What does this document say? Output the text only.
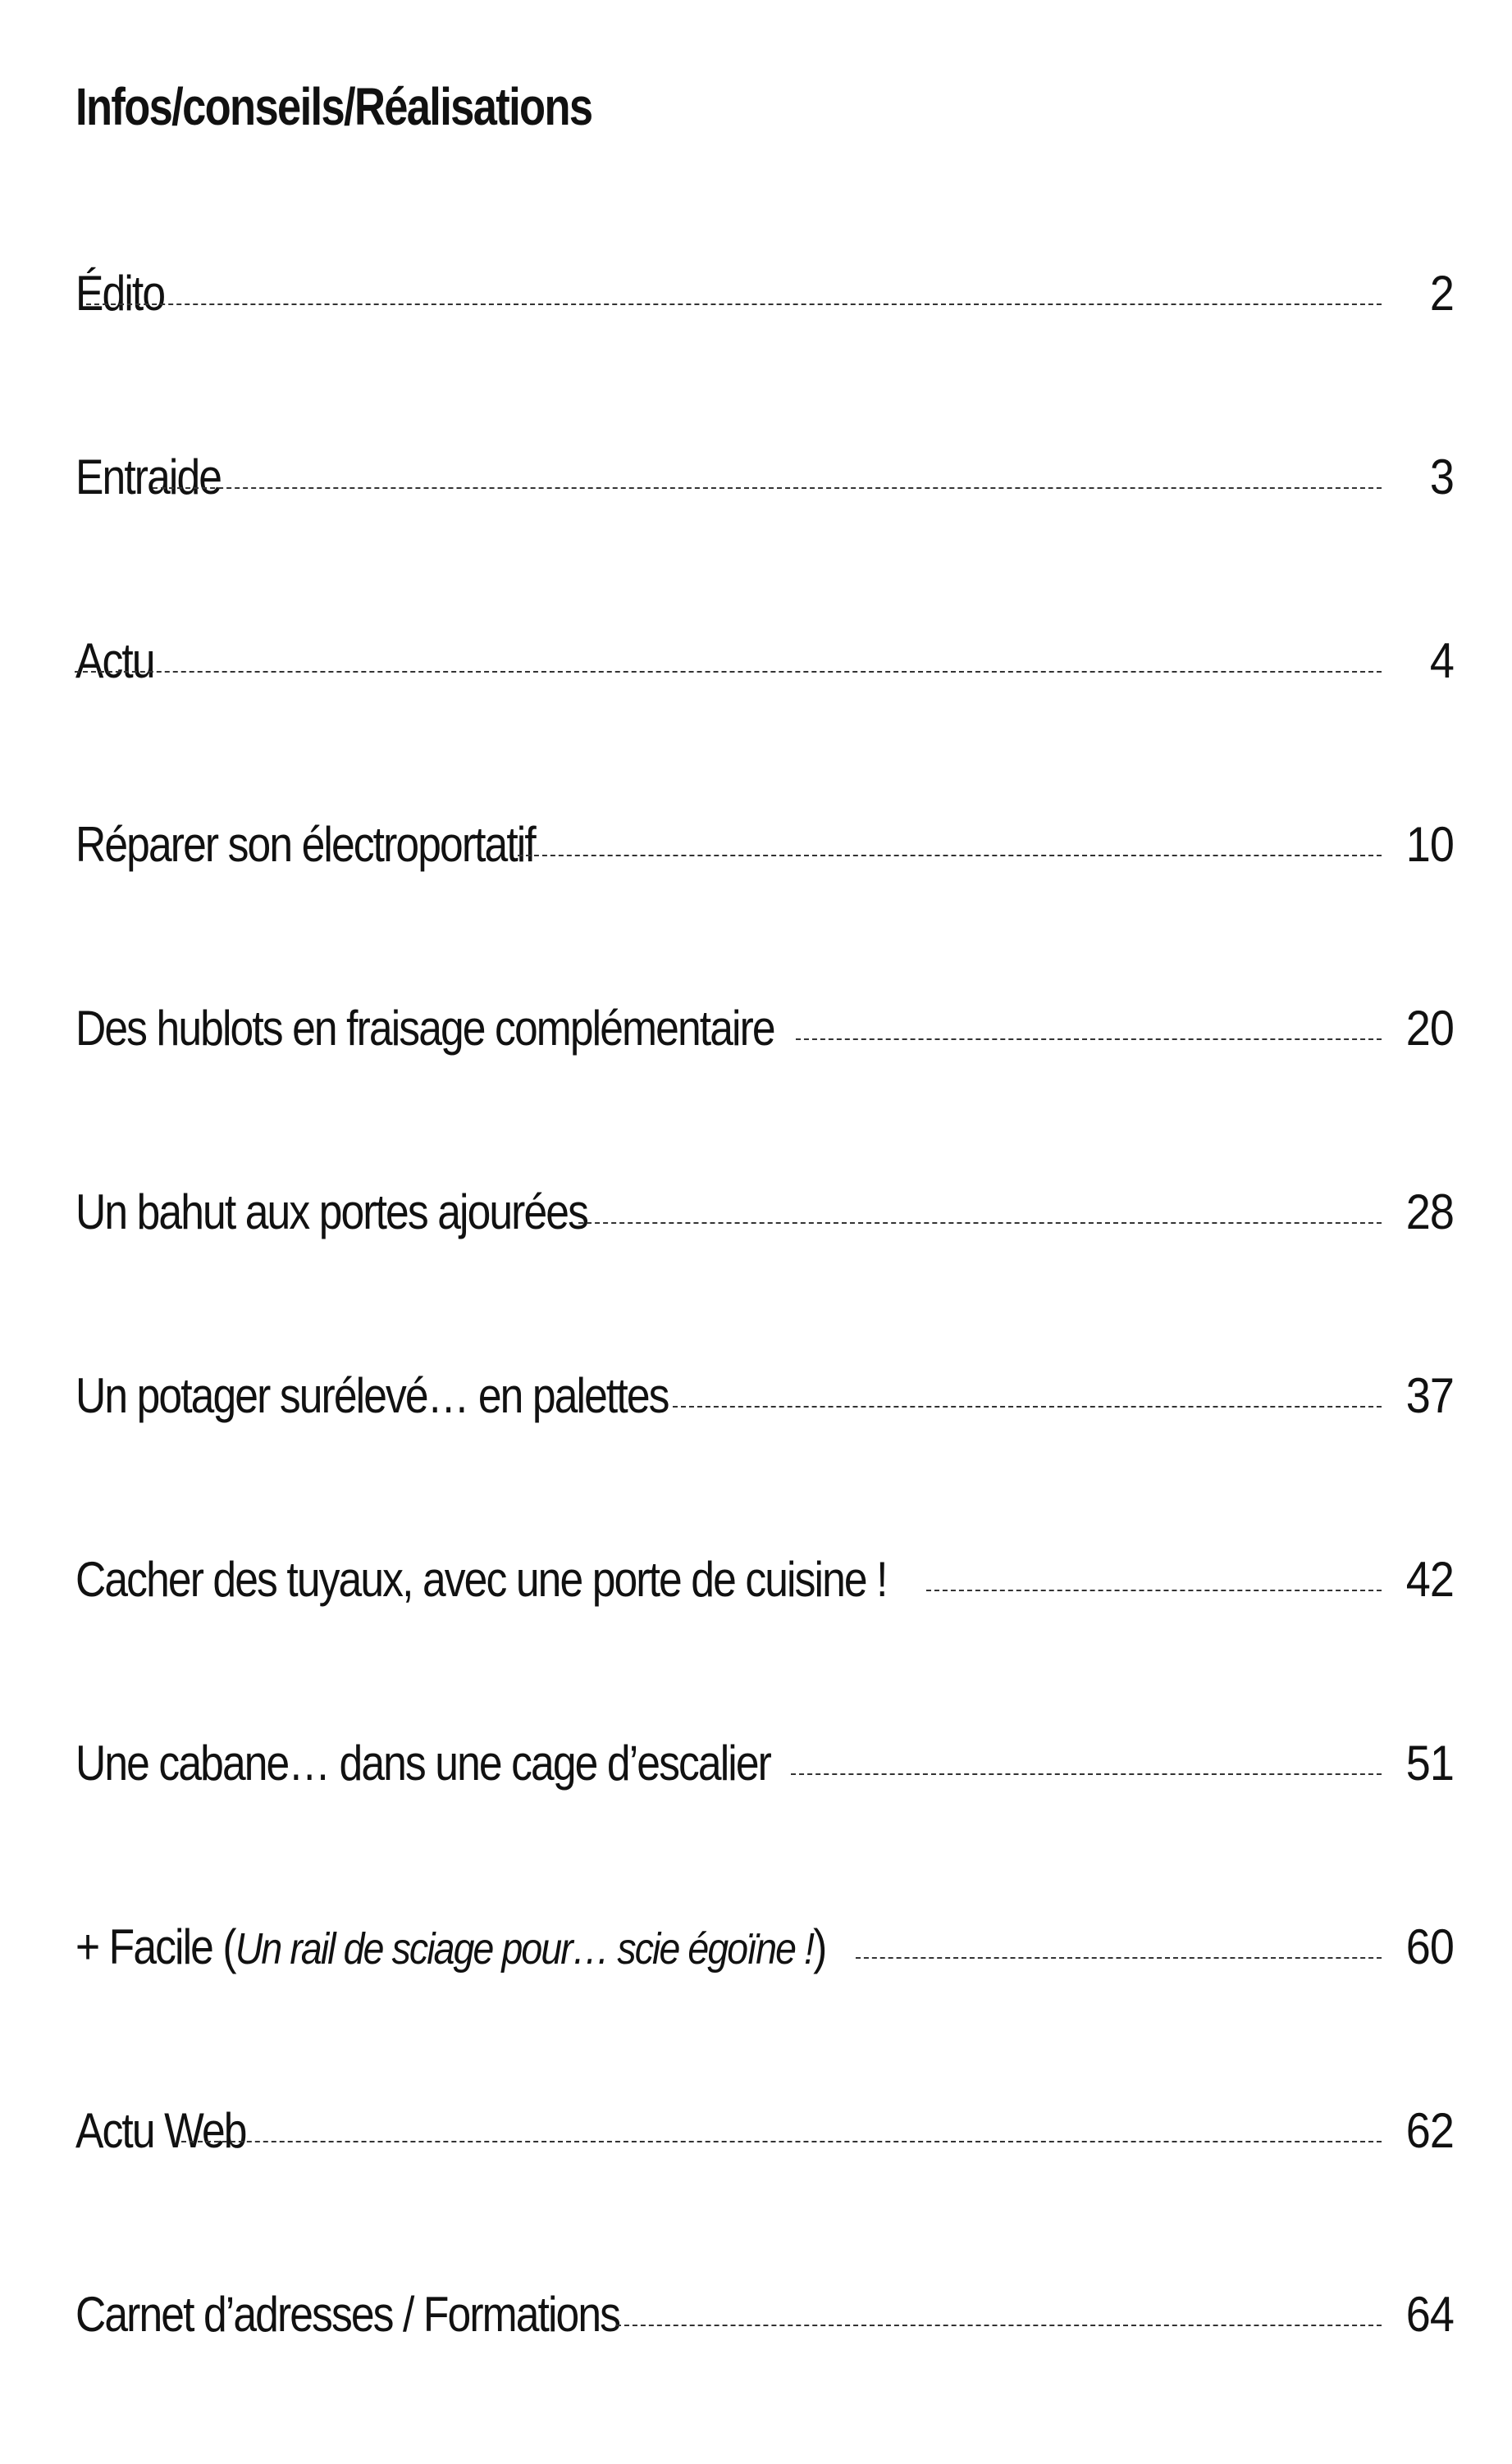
Infos/conseils/Réalisations
Édito	2
Entraide	3
Actu	4
Réparer son électroportatif	10
Des hublots en fraisage complémentaire	20
Un bahut aux portes ajourées	28
Un potager surélevé… en palettes	37
Cacher des tuyaux, avec une porte de cuisine !	42
Une cabane… dans une cage d’escalier	51
+ Facile (Un rail de sciage pour… scie égoïne !)	60
Actu Web	62
Carnet d’adresses / Formations	64
